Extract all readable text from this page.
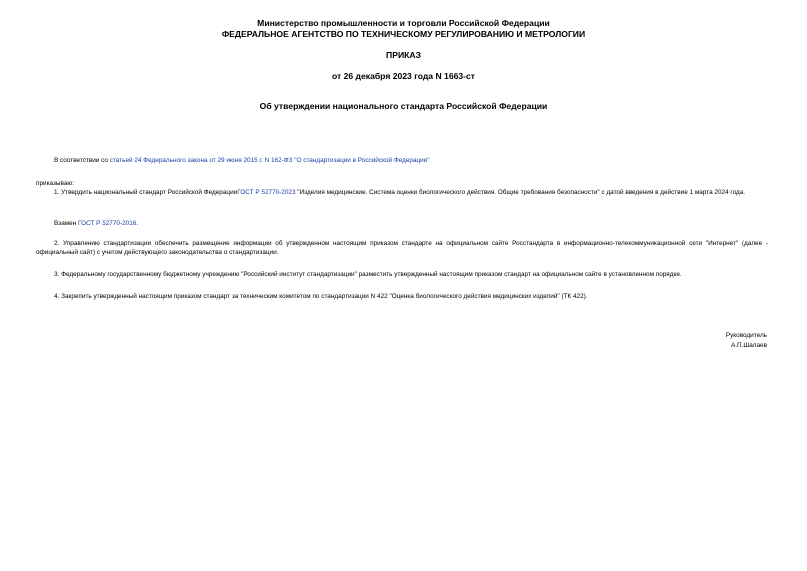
Министерство промышленности и торговли Российской Федерации
ФЕДЕРАЛЬНОЕ АГЕНТСТВО ПО ТЕХНИЧЕСКОМУ РЕГУЛИРОВАНИЮ И МЕТРОЛОГИИ
ПРИКАЗ
от 26 декабря 2023 года N 1663-ст
Об утверждении национального стандарта Российской Федерации
В соответствии со статьей 24 Федерального закона от 29 июня 2015 г. N 162-ФЗ "О стандартизации в Российской Федерации"
приказываю:
1. Утвердить национальный стандарт Российской ФедерацииГОСТ Р 52770-2023 "Изделия медицинские. Система оценки биологического действия. Общие требования безопасности" с датой введения в действие 1 марта 2024 года.
Взамен ГОСТ Р 52770-2016.
2. Управлению стандартизации обеспечить размещение информации об утвержденном настоящим приказом стандарте на официальном сайте Росстандарта в информационно-телекоммуникационной сети "Интернет" (далее - официальный сайт) с учетом действующего законодательства о стандартизации.
3. Федеральному государственному бюджетному учреждению "Российский институт стандартизации" разместить утвержденный настоящим приказом стандарт на официальном сайте в установленном порядке.
4. Закрепить утвержденный настоящим приказом стандарт за техническим комитетом по стандартизации N 422 "Оценка биологического действия медицинских изделий" (ТК 422).
Руководитель
А.П.Шалаев
